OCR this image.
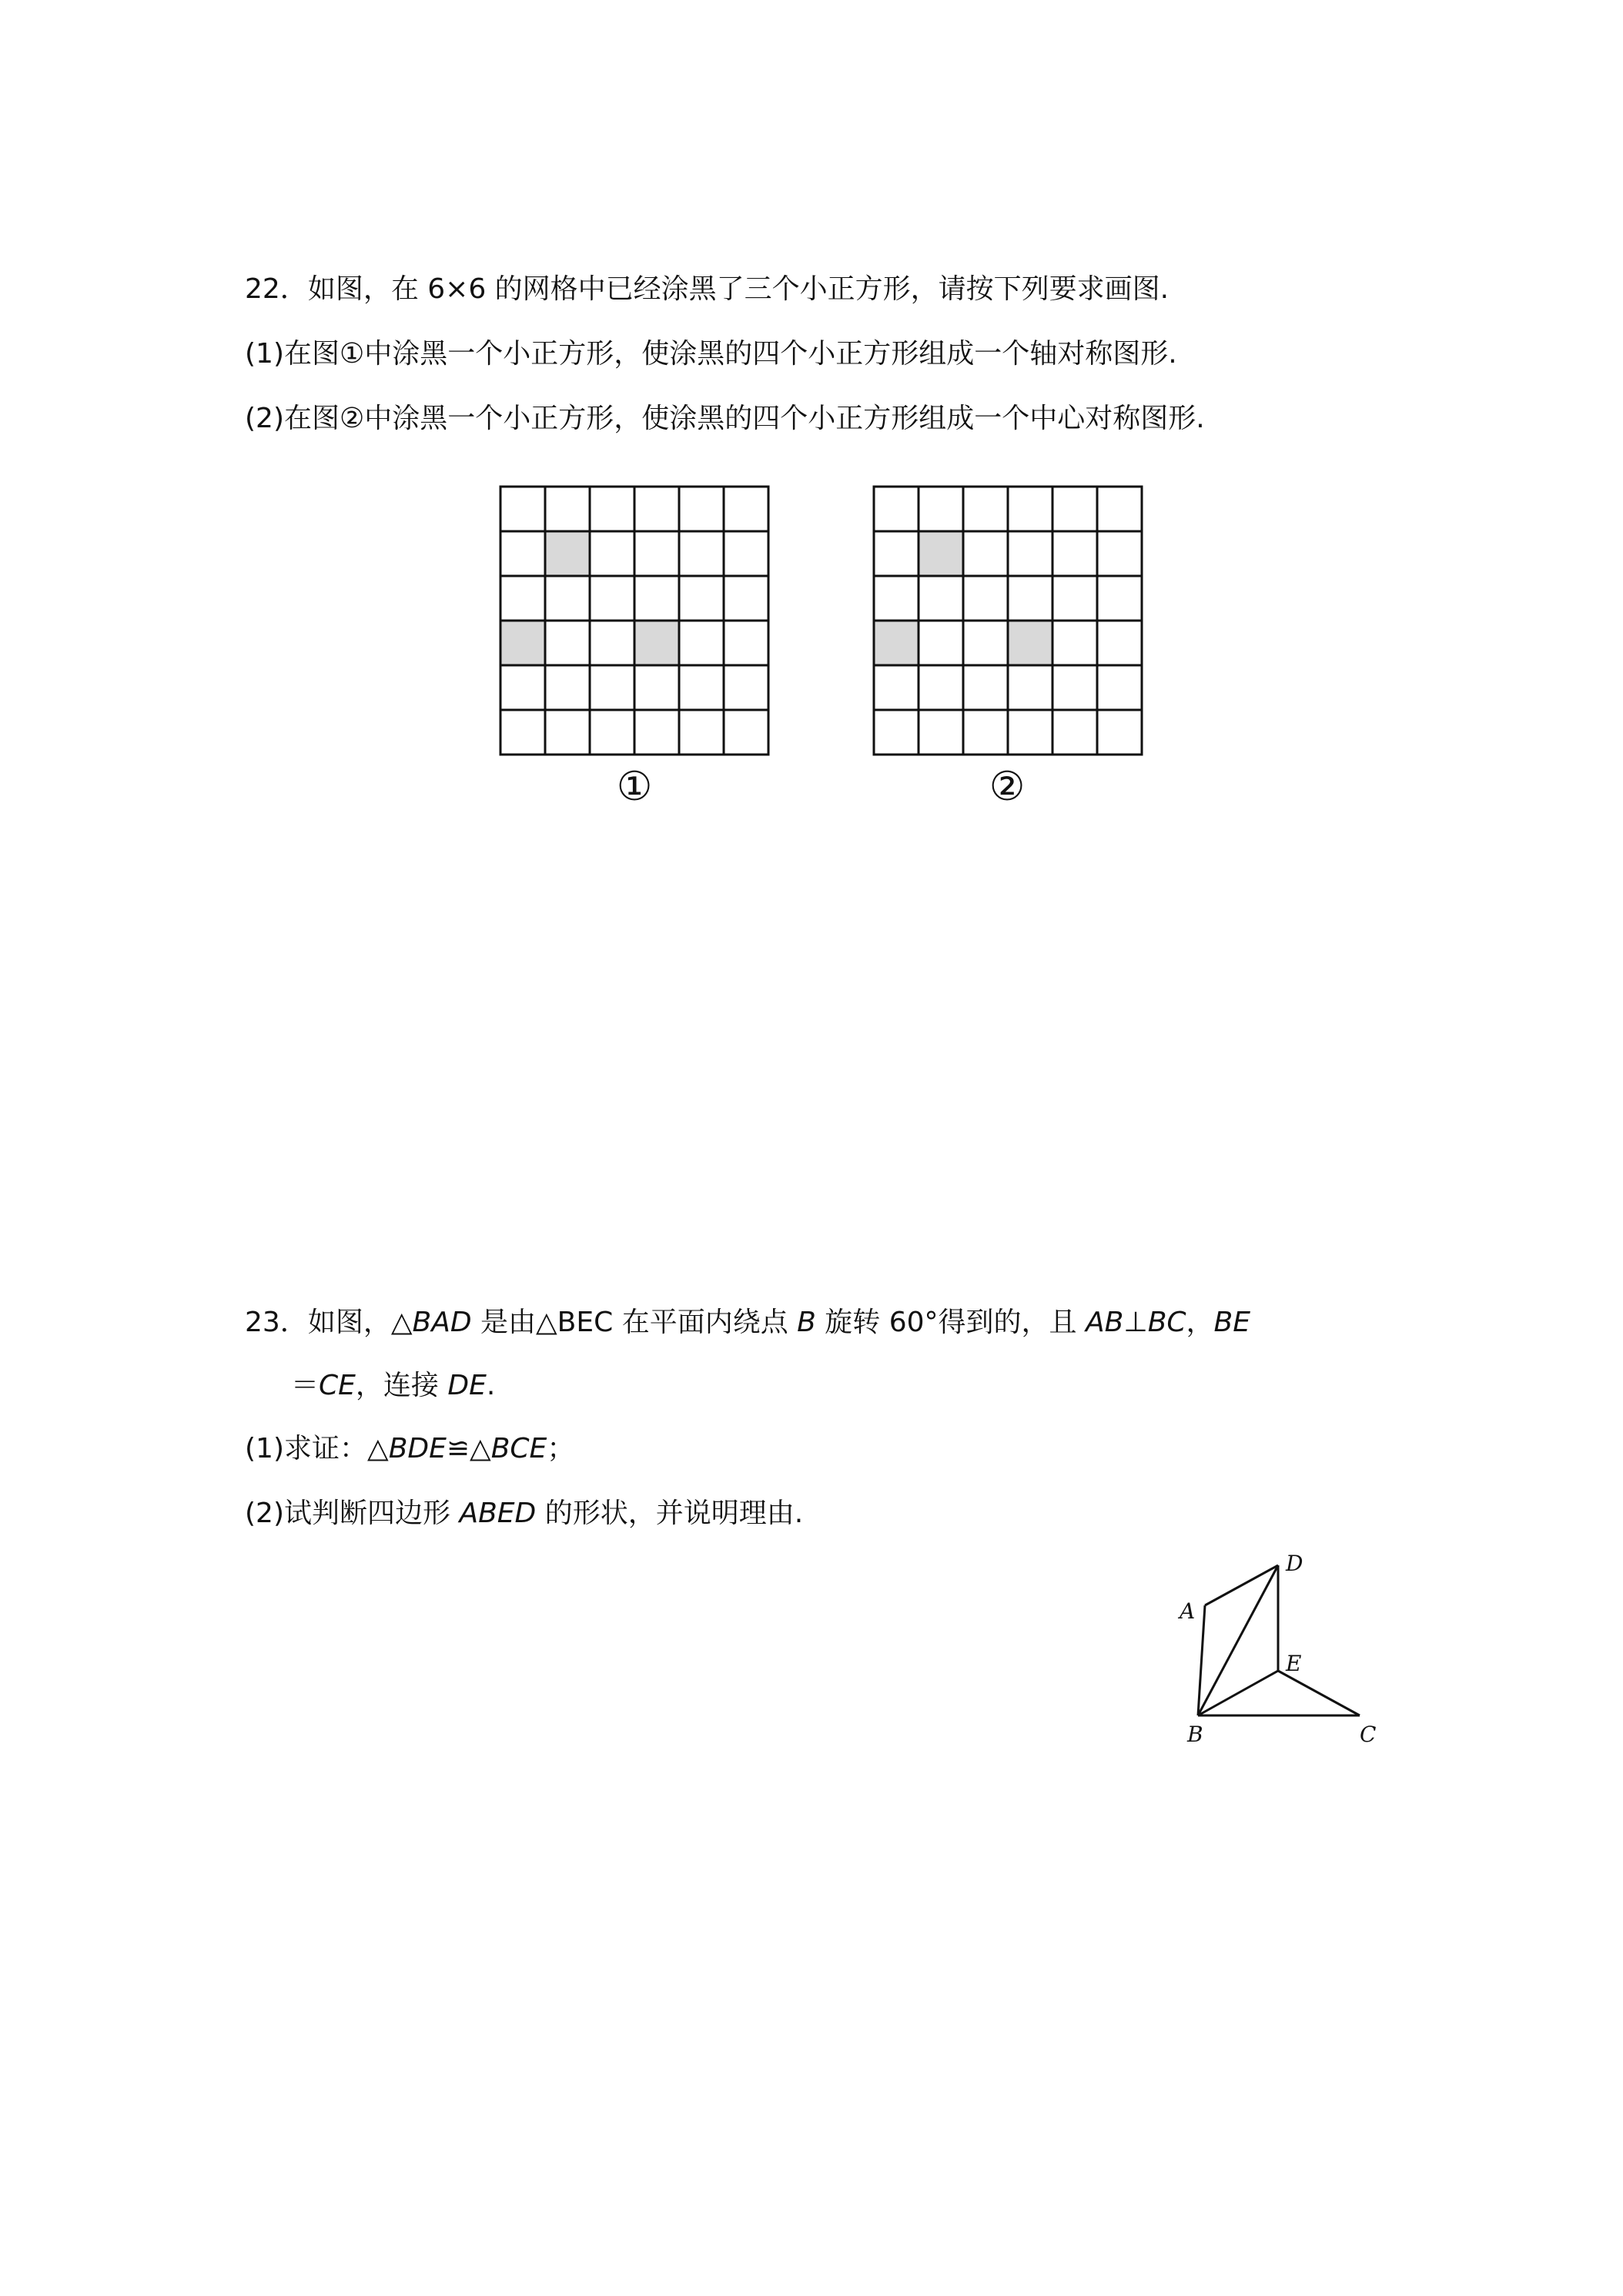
22．如图，在 6×6 的网格中已经涂黑了三个小正方形，请按下列要求画图.
(1)在图①中涂黑一个小正方形，使涂黑的四个小正方形组成一个轴对称图形.
(2)在图②中涂黑一个小正方形，使涂黑的四个小正方形组成一个中心对称图形.
①	②
23．如图，△BAD 是由△BEC 在平面内绕点 B 旋转 60°得到的，且 AB⊥BC，BE
＝CE，连接 DE.
(1)求证：△BDE≌△BCE；
(2)试判断四边形 ABED 的形状，并说明理由.
A
B	C
D
E
